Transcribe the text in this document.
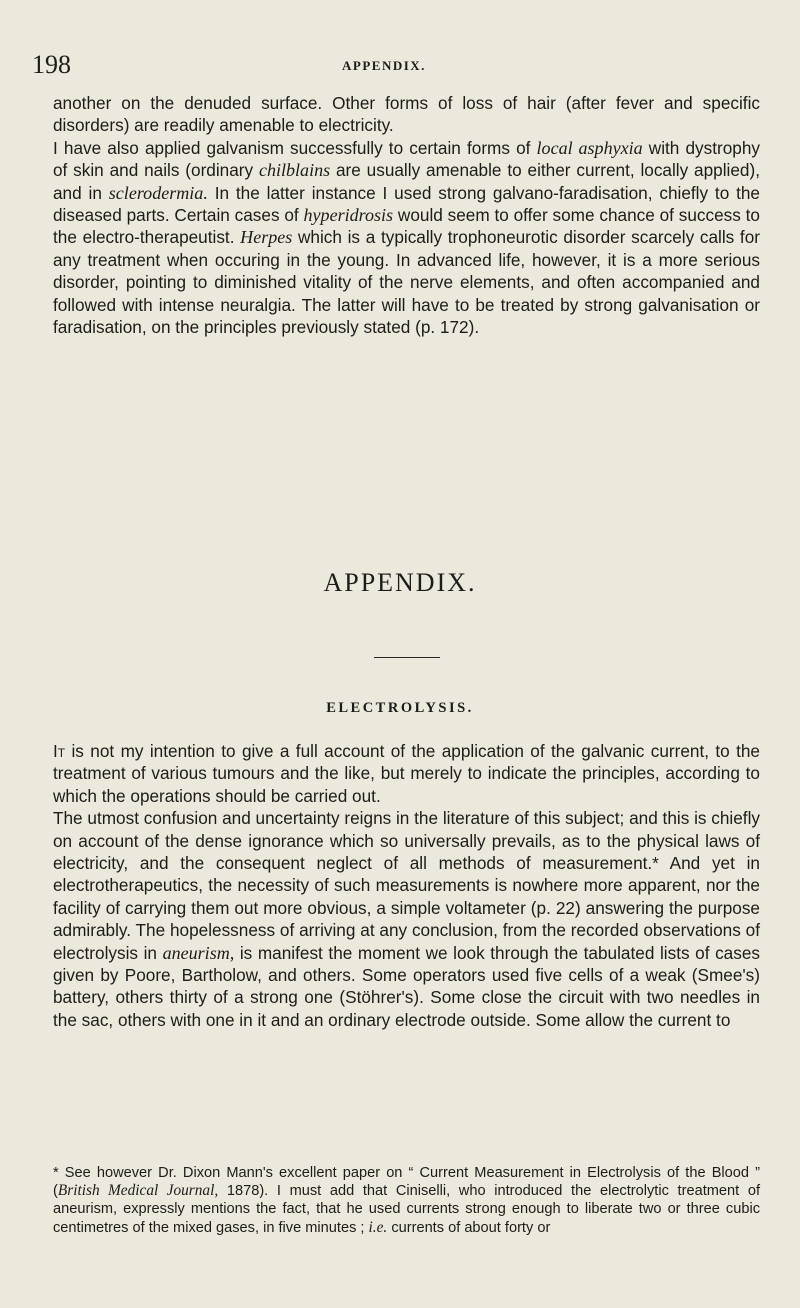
198	APPENDIX.

another on the denuded surface. Other forms of loss of hair (after fever and specific disorders) are readily amenable to electricity.

I have also applied galvanism successfully to certain forms of local asphyxia with dystrophy of skin and nails (ordinary chilblains are usually amenable to either current, locally applied), and in sclerodermia. In the latter instance I used strong galvano-faradisation, chiefly to the diseased parts. Certain cases of hyperidrosis would seem to offer some chance of success to the electro-therapeutist. Herpes which is a typically trophoneurotic disorder scarcely calls for any treatment when occuring in the young. In advanced life, however, it is a more serious disorder, pointing to diminished vitality of the nerve elements, and often accompanied and followed with intense neuralgia. The latter will have to be treated by strong galvanisation or faradisation, on the principles previously stated (p. 172).

APPENDIX.
ELECTROLYSIS.

It is not my intention to give a full account of the application of the galvanic current, to the treatment of various tumours and the like, but merely to indicate the principles, according to which the operations should be carried out.

The utmost confusion and uncertainty reigns in the literature of this subject; and this is chiefly on account of the dense ignorance which so universally prevails, as to the physical laws of electricity, and the consequent neglect of all methods of measurement.* And yet in electrotherapeutics, the necessity of such measurements is nowhere more apparent, nor the facility of carrying them out more obvious, a simple voltameter (p. 22) answering the purpose admirably. The hopelessness of arriving at any conclusion, from the recorded observations of electrolysis in aneurism, is manifest the moment we look through the tabulated lists of cases given by Poore, Bartholow, and others. Some operators used five cells of a weak (Smee's) battery, others thirty of a strong one (Stöhrer's). Some close the circuit with two needles in the sac, others with one in it and an ordinary electrode outside. Some allow the current to

* See however Dr. Dixon Mann's excellent paper on “ Current Measurement in Electrolysis of the Blood ” (British Medical Journal, 1878). I must add that Ciniselli, who introduced the electrolytic treatment of aneurism, expressly mentions the fact, that he used currents strong enough to liberate two or three cubic centimetres of the mixed gases, in five minutes ; i.e. currents of about forty or
